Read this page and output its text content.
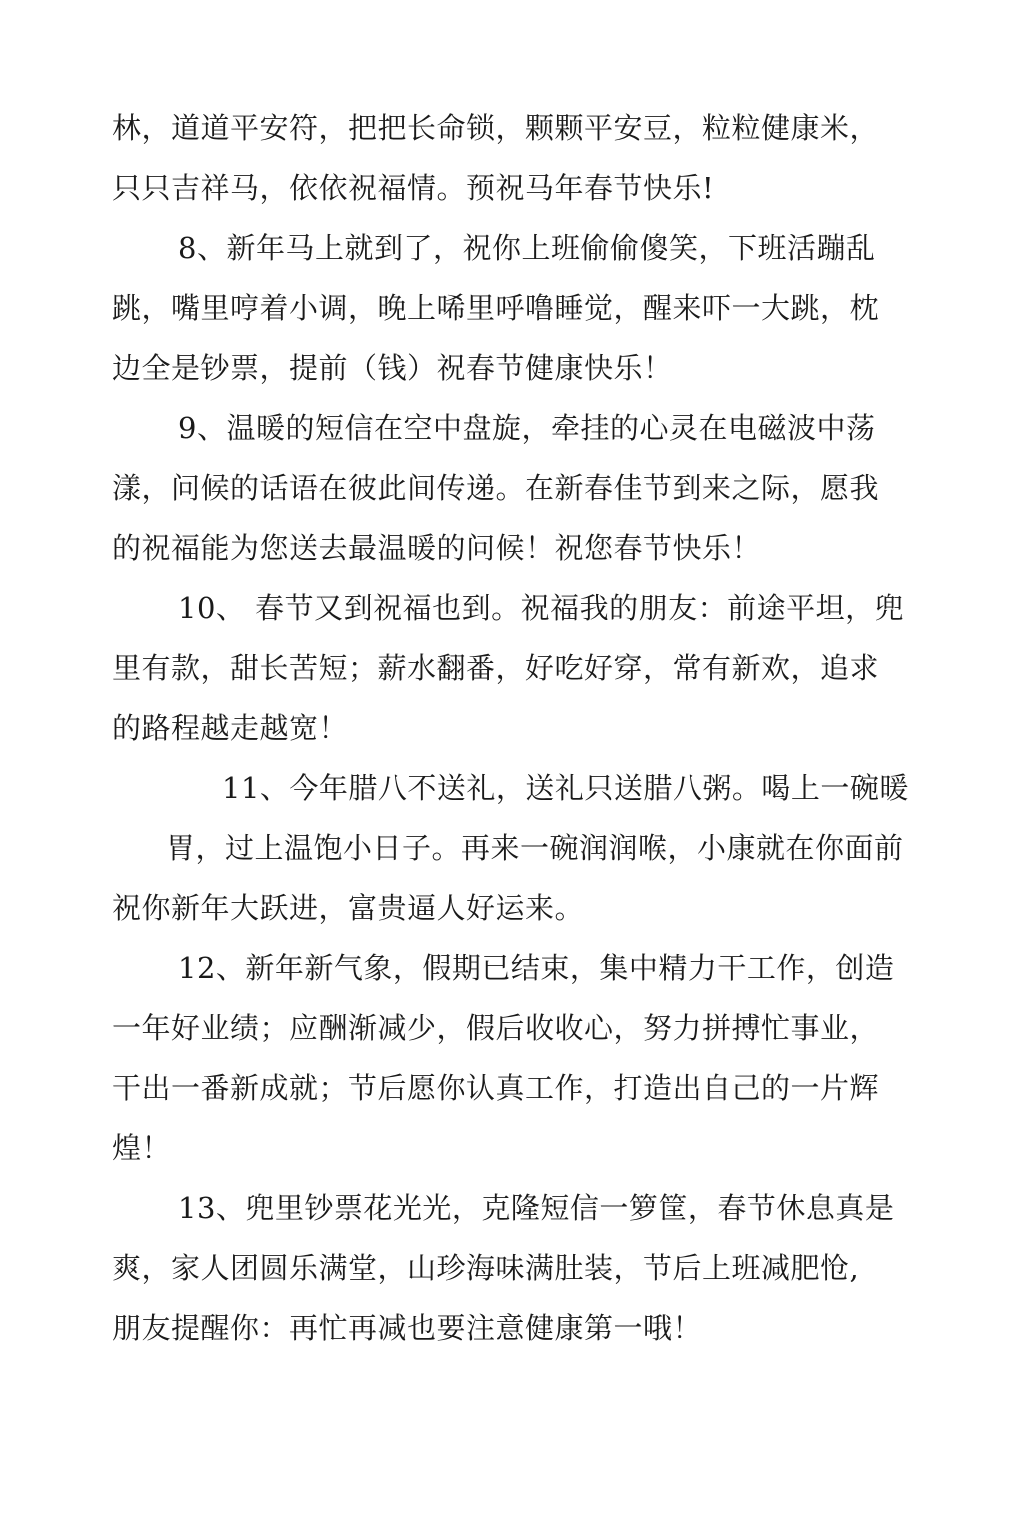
林，道道平安符，把把长命锁，颗颗平安豆，粒粒健康米，
只只吉祥马，依依祝福情。预祝马年春节快乐!
8、新年马上就到了，祝你上班偷偷傻笑，下班活蹦乱
跳，嘴里哼着小调，晚上唏里呼噜睡觉，醒来吓一大跳，枕
边全是钞票，提前（钱）祝春节健康快乐！
9、温暖的短信在空中盘旋，牵挂的心灵在电磁波中荡
漾，问候的话语在彼此间传递。在新春佳节到来之际，愿我
的祝福能为您送去最温暖的问候！祝您春节快乐！
10、 春节又到祝福也到。祝福我的朋友：前途平坦，兜
里有款，甜长苦短；薪水翻番，好吃好穿，常有新欢，追求
的路程越走越宽！
11、今年腊八不送礼，送礼只送腊八粥。喝上一碗暖
胃，过上温饱小日子。再来一碗润润喉，小康就在你面前
祝你新年大跃进，富贵逼人好运来。
12、新年新气象，假期已结束，集中精力干工作，创造
一年好业绩；应酬渐减少，假后收收心，努力拼搏忙事业，
干出一番新成就；节后愿你认真工作，打造出自己的一片辉
煌！
13、兜里钞票花光光，克隆短信一箩筐，春节休息真是
爽，家人团圆乐满堂，山珍海味满肚装，节后上班减肥怆,
朋友提醒你：再忙再减也要注意健康第一哦！
